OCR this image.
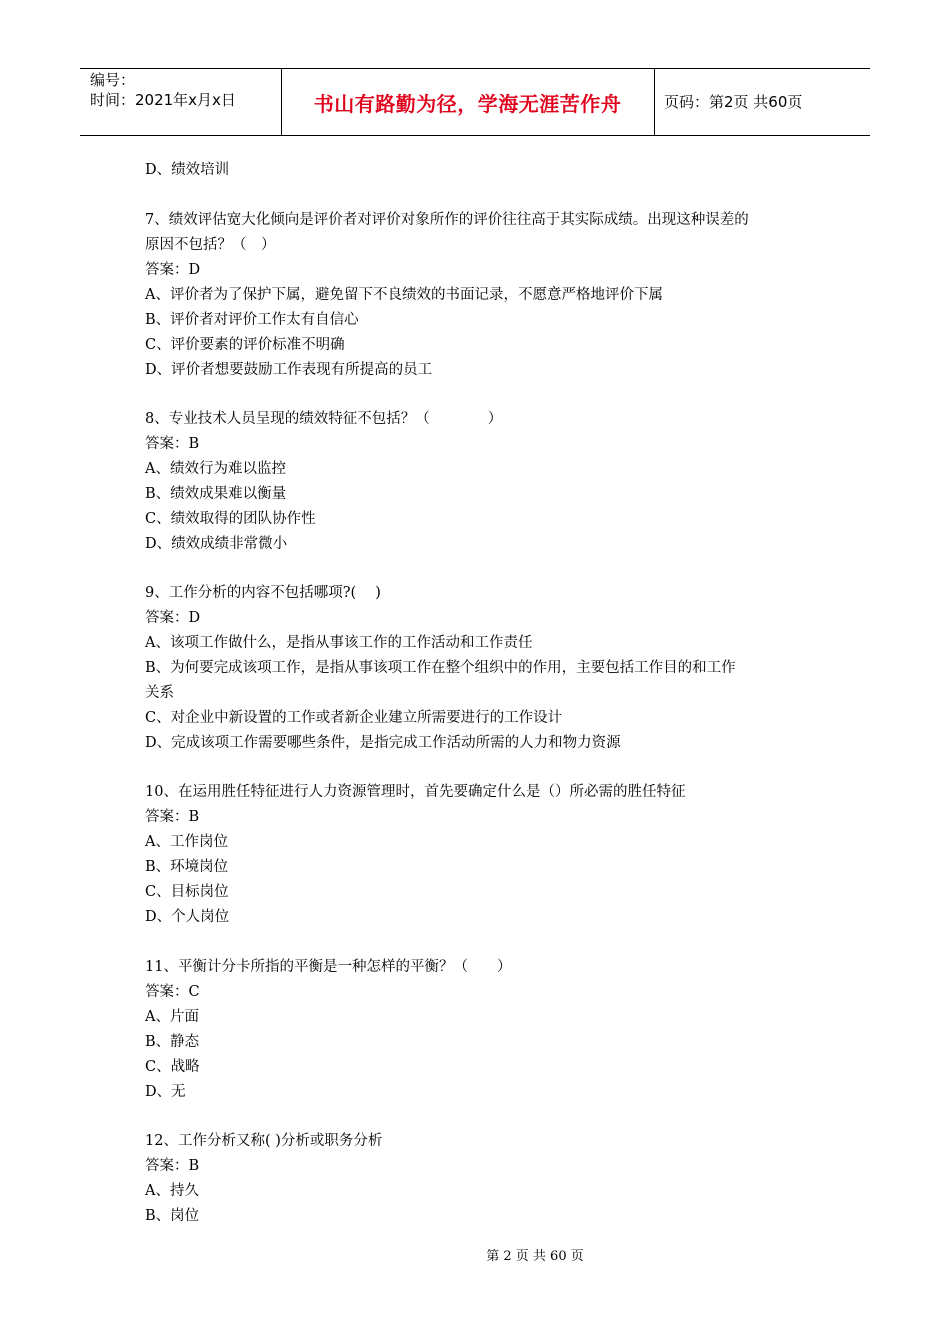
编号：
时间：2021年x月x日	书山有路勤为径，学海无涯苦作舟	页码：第2页 共60页
D、绩效培训
7、绩效评估宽大化倾向是评价者对评价对象所作的评价往往高于其实际成绩。出现这种误差的
原因不包括？（　）
答案：D
A、评价者为了保护下属，避免留下不良绩效的书面记录，不愿意严格地评价下属
B、评价者对评价工作太有自信心
C、评价要素的评价标准不明确
D、评价者想要鼓励工作表现有所提高的员工
8、专业技术人员呈现的绩效特征不包括？（　　　　）
答案：B
A、绩效行为难以监控
B、绩效成果难以衡量
C、绩效取得的团队协作性
D、绩效成绩非常微小
9、工作分析的内容不包括哪项?(　 )
答案：D
A、该项工作做什么，是指从事该工作的工作活动和工作责任
B、为何要完成该项工作，是指从事该项工作在整个组织中的作用，主要包括工作目的和工作
关系
C、对企业中新设置的工作或者新企业建立所需要进行的工作设计
D、完成该项工作需要哪些条件，是指完成工作活动所需的人力和物力资源
10、在运用胜任特征进行人力资源管理时，首先要确定什么是（）所必需的胜任特征
答案：B
A、工作岗位
B、环境岗位
C、目标岗位
D、个人岗位
11、平衡计分卡所指的平衡是一种怎样的平衡？（　　）
答案：C
A、片面
B、静态
C、战略
D、无
12、工作分析又称( )分析或职务分析
答案：B
A、持久
B、岗位
第 2 页 共 60 页
